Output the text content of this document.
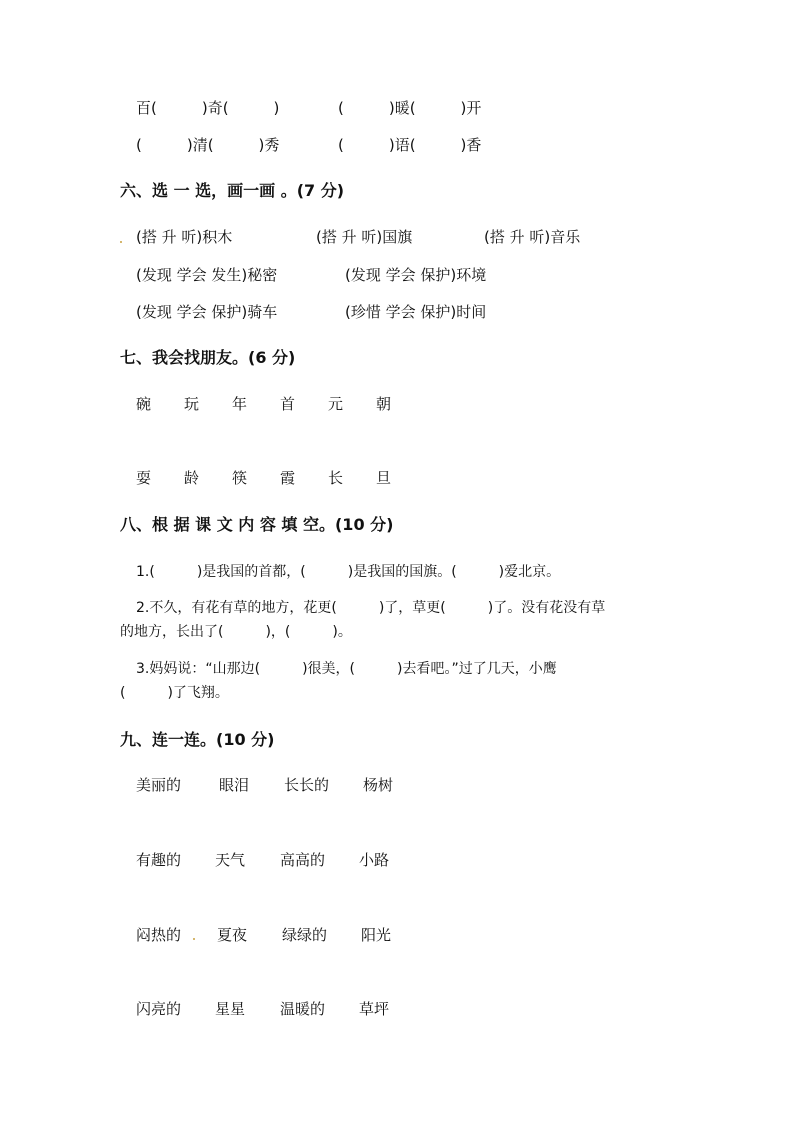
百(　　　)奇(　　　)	(　　　)暖(　　　)开
(　　　)清(　　　)秀	(　　　)语(　　　)香
六、选 一 选，画一画 。(7 分)
(搭 升 听)积木	(搭 升 听)国旗	(搭 升 听)音乐
(发现 学会 发生)秘密	(发现 学会 保护)环境
(发现 学会 保护)骑车	(珍惜 学会 保护)时间
七、我会找朋友。(6 分)
碗 玩 年 首 元 朝
耍 龄 筷 霞 长 旦
八、根 据 课 文 内 容 填 空。(10 分)
1.(　　　)是我国的首都，(　　　)是我国的国旗。(　　　)爱北京。
2.不久，有花有草的地方，花更(　　　)了，草更(　　　)了。没有花没有草
的地方，长出了(　　　)，(　　　)。
3.妈妈说：“山那边(　　　)很美，(　　　)去看吧。”过了几天，小鹰
(　　　)了飞翔。
九、连一连。(10 分)
美丽的	眼泪 长长的 杨树
有趣的 天气 高高的 小路
闷热的 夏夜 绿绿的 阳光
闪亮的 星星 温暖的 草坪
